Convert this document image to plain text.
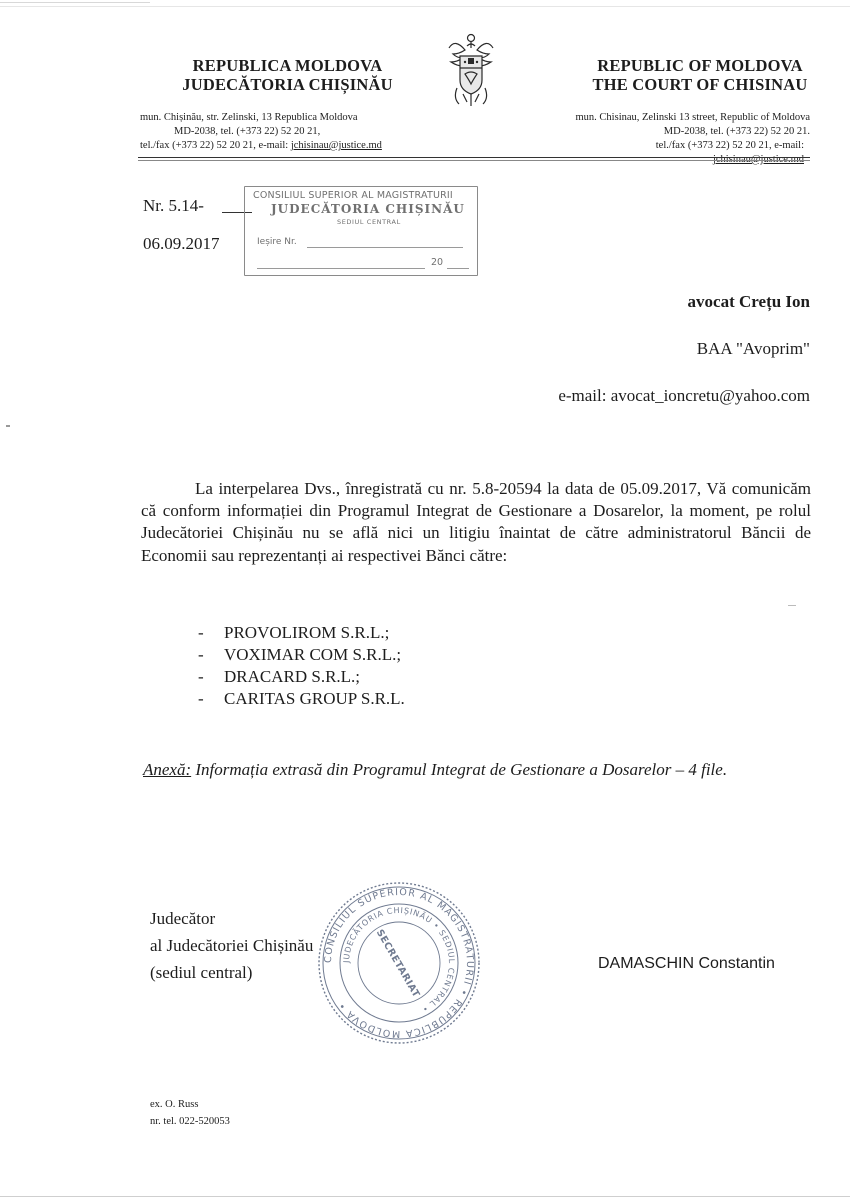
REPUBLICA MOLDOVA
JUDECĂTORIA CHIȘINĂU
REPUBLIC OF MOLDOVA
THE COURT OF CHISINAU
mun. Chișinău, str. Zelinski, 13 Republica Moldova
MD-2038, tel. (+373 22) 52 20 21,
tel./fax (+373 22) 52 20 21, e-mail: jchisinau@justice.md
mun. Chisinau, Zelinski 13 street, Republic of Moldova
MD-2038, tel. (+373 22) 52 20 21.
tel./fax (+373 22) 52 20 21, e-mail:
Nr. 5.14-
06.09.2017
CONSILIUL SUPERIOR AL MAGISTRATURII
JUDECĂTORIA CHIȘINĂU
SEDIUL CENTRAL
Ieșire Nr.
20
avocat Crețu Ion
BAA "Avoprim"
e-mail: avocat_ioncretu@yahoo.com
La interpelarea Dvs., înregistrată cu nr. 5.8-20594 la data de 05.09.2017, Vă comunicăm că conform informației din Programul Integrat de Gestionare a Dosarelor, la moment, pe rolul Judecătoriei Chișinău nu se află nici un litigiu înaintat de către administratorul Băncii de Economii sau reprezentanți ai respectivei Bănci către:
- PROVOLIROM S.R.L.;
- VOXIMAR COM S.R.L.;
- DRACARD S.R.L.;
- CARITAS GROUP S.R.L.
Anexă: Informația extrasă din Programul Integrat de Gestionare a Dosarelor – 4 file.
Judecător
al Judecătoriei Chișinău
(sediul central)
CONSILIUL SUPERIOR AL MAGISTRATURII • REPUBLICA MOLDOVA •
JUDECĂTORIA CHIȘINĂU • SEDIUL CENTRAL •
SECRETARIAT	DAMASCHIN Constantin
ex. O. Russ
nr. tel. 022-520053
